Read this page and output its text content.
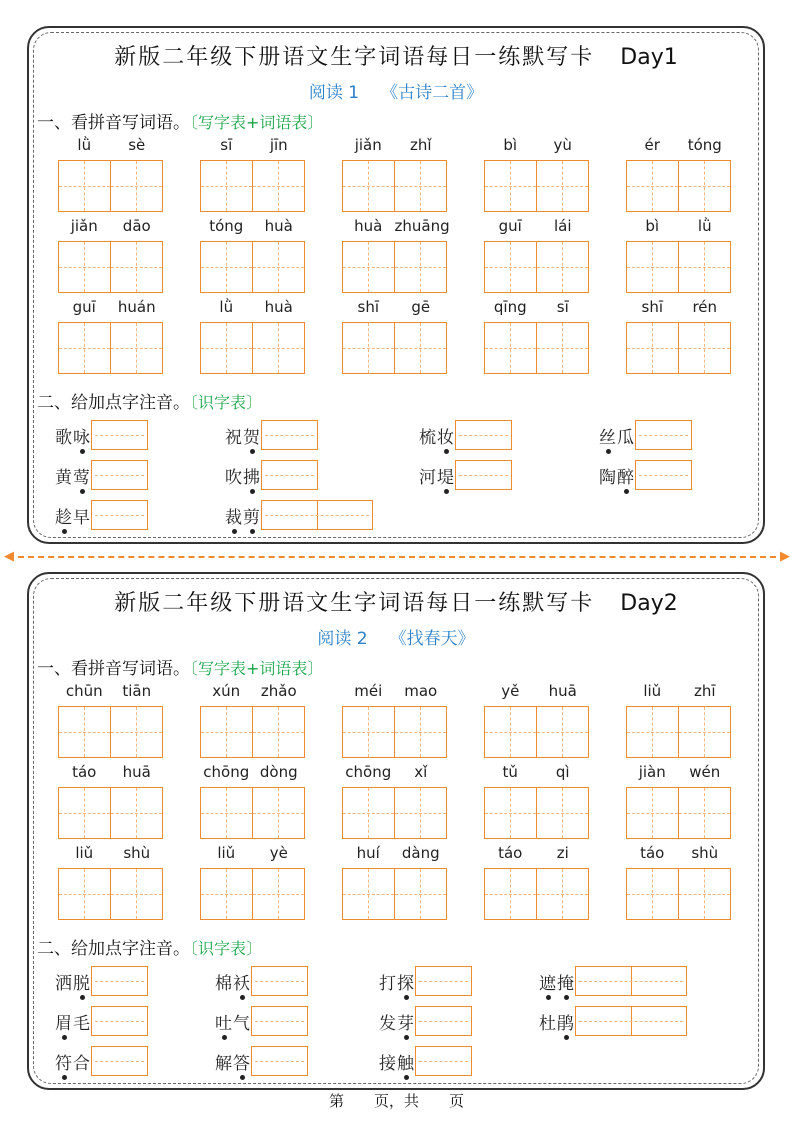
新版二年级下册语文生字词语每日一练默写卡 Day1
阅读 1 《古诗二首》
一、看拼音写词语。〔写字表+词语表〕
lǜ	sè	sī	jīn	jiǎn	zhǐ	bì	yù	ér	tóng
jiǎn	dāo	tóng	huà	huà zhuāng	guī	lái	bì	lǜ
guī	huán	lǜ	huà	shī	gē	qīng	sī	shī	rén
二、给加点字注音。〔识字表〕
歌咏	祝贺	梳妆	丝瓜
黄莺	吹拂	河堤	陶醉
趁早	裁剪
◀	▶
新版二年级下册语文生字词语每日一练默写卡 Day2
阅读 2 《找春天》
一、看拼音写词语。〔写字表+词语表〕
chūn	tiān	xún	zhǎo	méi	mao	yě	huā	liǔ	zhī
táo	huā	chōng dòng	chōng	xǐ	tǔ	qì	jiàn	wén
liǔ	shù	liǔ	yè	huí	dàng	táo	zi	táo	shù
二、给加点字注音。〔识字表〕
洒脱	棉袄	打探	遮掩
眉毛	吐气	发芽	杜鹃
符合	解答	接触
第　　页，共　　页
